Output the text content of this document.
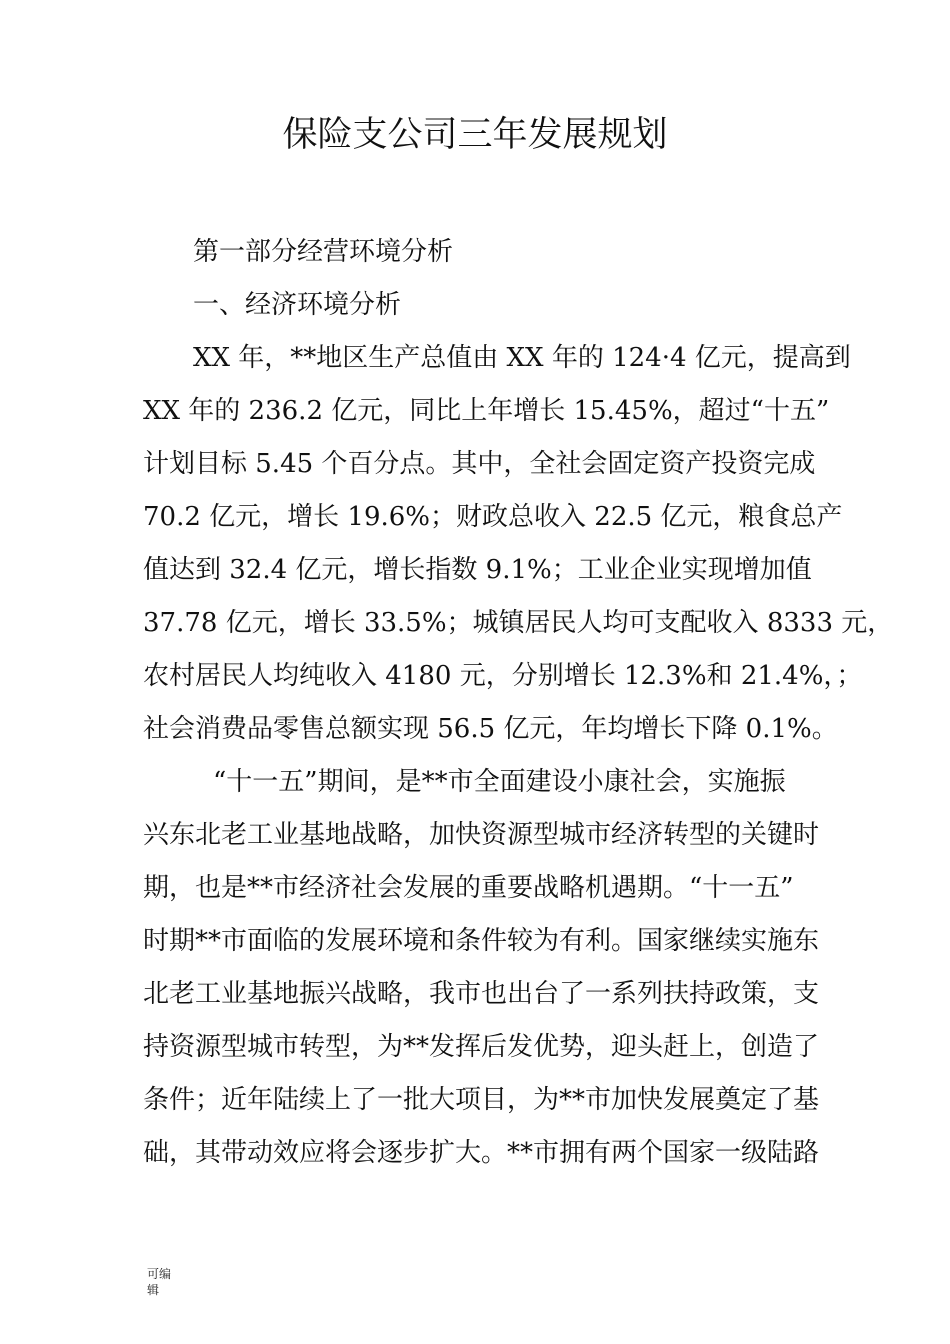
保险支公司三年发展规划

第一部分经营环境分析

一、经济环境分析

XX 年，**地区生产总值由 XX 年的 124·4 亿元，提高到

XX 年的 236.2 亿元，同比上年增长 15.45%，超过“十五”

计划目标 5.45 个百分点。其中，全社会固定资产投资完成

70.2 亿元，增长 19.6%；财政总收入 22.5 亿元，粮食总产

值达到 32.4 亿元，增长指数 9.1%；工业企业实现增加值

37.78 亿元，增长 33.5%；城镇居民人均可支配收入 8333 元，

农村居民人均纯收入 4180 元，分别增长 12.3%和 21.4%，；

社会消费品零售总额实现 56.5 亿元，年均增长下降 0.1%。

“十一五”期间，是**市全面建设小康社会，实施振

兴东北老工业基地战略，加快资源型城市经济转型的关键时

期，也是**市经济社会发展的重要战略机遇期。“十一五”

时期**市面临的发展环境和条件较为有利。国家继续实施东

北老工业基地振兴战略，我市也出台了一系列扶持政策，支

持资源型城市转型，为**发挥后发优势，迎头赶上，创造了

条件；近年陆续上了一批大项目，为**市加快发展奠定了基

础，其带动效应将会逐步扩大。**市拥有两个国家一级陆路

可编辑
